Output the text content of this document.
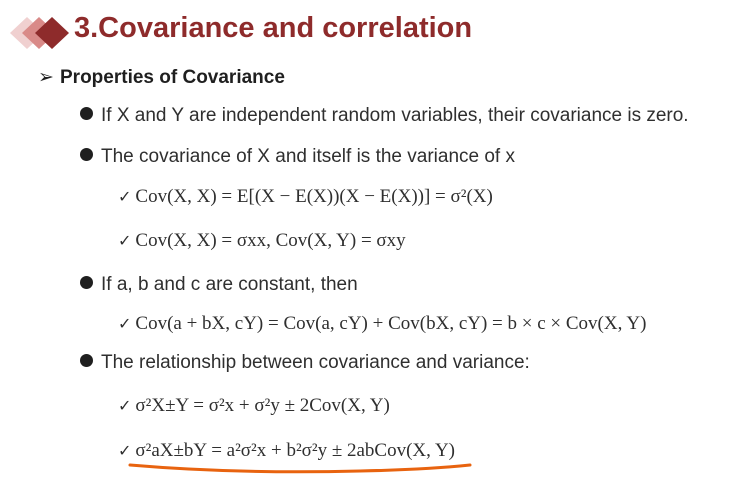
3.Covariance and correlation
➢ Properties of Covariance
If X and Y are independent random variables, their covariance is zero.
The covariance of X and itself is the variance of x
✓ Cov(X, X) = E[(X − E(X))(X − E(X))] = σ²(X)
✓ Cov(X, X) = σxx, Cov(X, Y) = σxy
If a, b and c are constant, then
✓ Cov(a + bX, cY) = Cov(a, cY) + Cov(bX, cY) = b × c × Cov(X, Y)
The relationship between covariance and variance:
✓ σ²X±Y = σ²x + σ²y ± 2Cov(X, Y)
✓ σ²aX±bY = a²σ²x + b²σ²y ± 2abCov(X, Y)
